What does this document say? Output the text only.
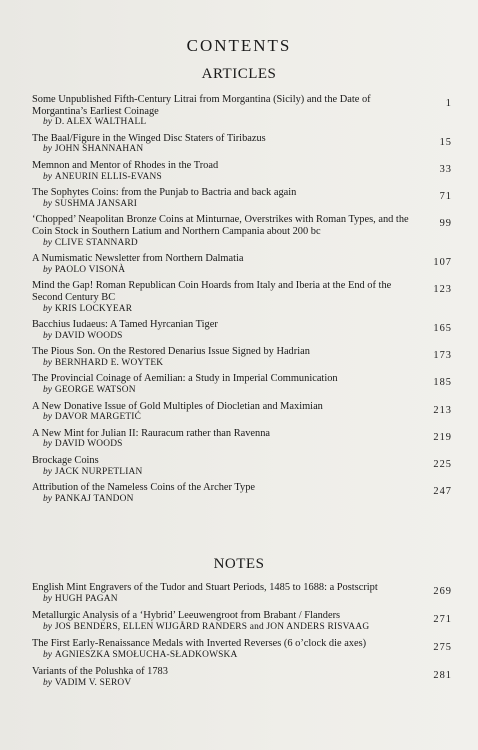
CONTENTS
ARTICLES
Some Unpublished Fifth-Century Litrai from Morgantina (Sicily) and the Date of Morgantina’s Earliest Coinage
by D. ALEX WALTHALL
1
The Baal/Figure in the Winged Disc Staters of Tiribazus
by JOHN SHANNAHAN
15
Memnon and Mentor of Rhodes in the Troad
by ANEURIN ELLIS-EVANS
33
The Sophytes Coins: from the Punjab to Bactria and back again
by SUSHMA JANSARI
71
‘Chopped’ Neapolitan Bronze Coins at Minturnae, Overstrikes with Roman Types, and the Coin Stock in Southern Latium and Northern Campania about 200 bc
by CLIVE STANNARD
99
A Numismatic Newsletter from Northern Dalmatia
by PAOLO VISONÀ
107
Mind the Gap! Roman Republican Coin Hoards from Italy and Iberia at the End of the Second Century BC
by KRIS LOCKYEAR
123
Bacchius Iudaeus: A Tamed Hyrcanian Tiger
by DAVID WOODS
165
The Pious Son. On the Restored Denarius Issue Signed by Hadrian
by BERNHARD E. WOYTEK
173
The Provincial Coinage of Aemilian: a Study in Imperial Communication
by GEORGE WATSON
185
A New Donative Issue of Gold Multiples of Diocletian and Maximian
by DAVOR MARGETIĆ
213
A New Mint for Julian II: Rauracum rather than Ravenna
by DAVID WOODS
219
Brockage Coins
by JACK NURPETLIAN
225
Attribution of the Nameless Coins of the Archer Type
by PANKAJ TANDON
247
NOTES
English Mint Engravers of the Tudor and Stuart Periods, 1485 to 1688: a Postscript
by HUGH PAGAN
269
Metallurgic Analysis of a ‘Hybrid’ Leeuwengroot from Brabant / Flanders
by JOS BENDERS, ELLEN WIJGÅRD RANDERS and JON ANDERS RISVAAG
271
The First Early-Renaissance Medals with Inverted Reverses (6 o’clock die axes)
by AGNIESZKA SMOŁUCHA-SŁADKOWSKA
275
Variants of the Polushka of 1783
by VADIM V. SEROV
281
